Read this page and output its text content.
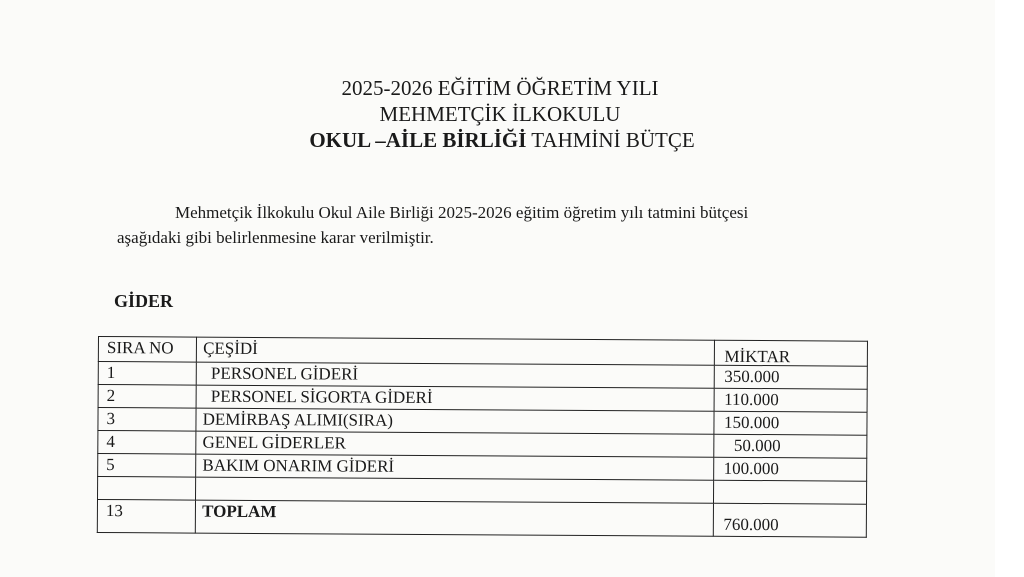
2025-2026 EĞİTİM ÖĞRETİM YILI
MEHMETÇİK İLKOKULU
OKUL –AİLE BİRLİĞİ TAHMİNİ BÜTÇE
Mehmetçik İlkokulu Okul Aile Birliği 2025-2026 eğitim öğretim yılı tatmini bütçesi
aşağıdaki gibi belirlenmesine karar verilmiştir.
GİDER
SIRA NO	ÇEŞİDİ	MİKTAR
1	PERSONEL GİDERİ	350.000
2	PERSONEL SİGORTA GİDERİ	110.000
3	DEMİRBAŞ ALIMI(SIRA)	150.000
4	GENEL GİDERLER	50.000
5	BAKIM ONARIM GİDERİ	100.000

13	TOPLAM	760.000
